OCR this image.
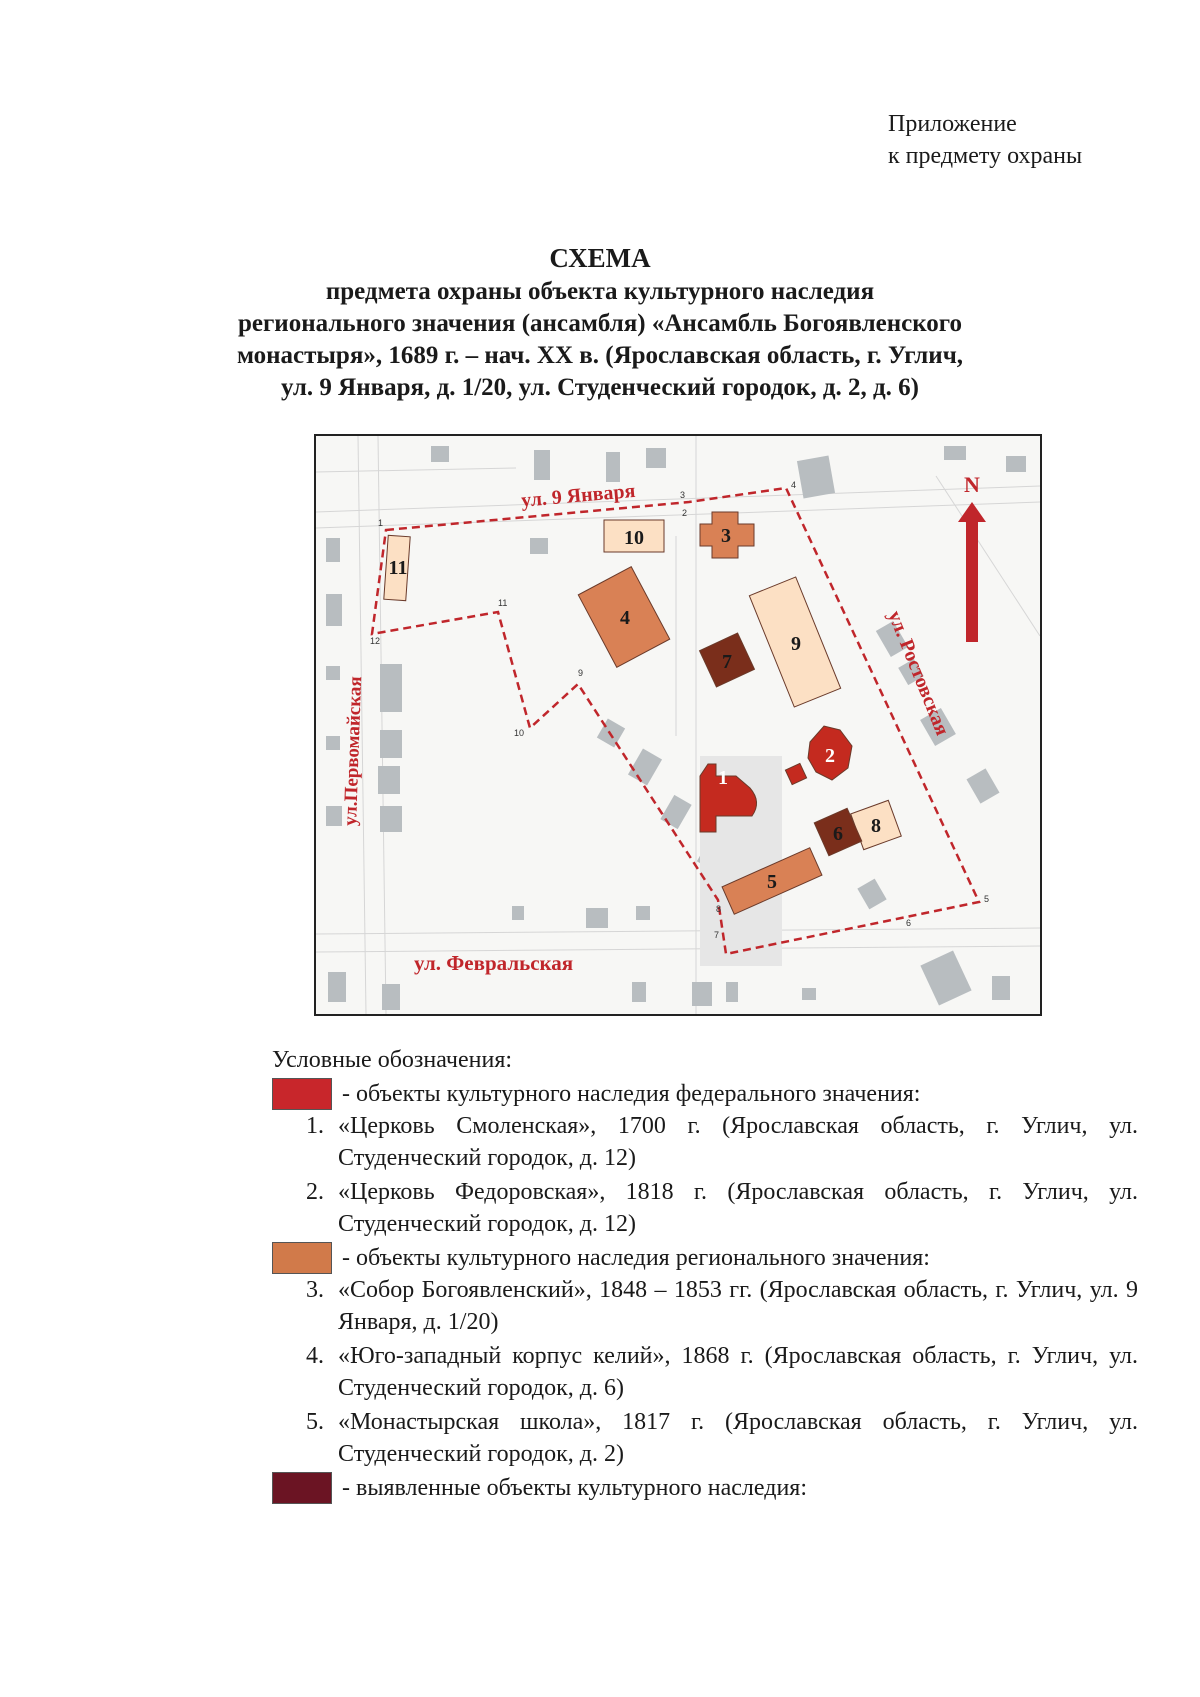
Приложение
к предмету охраны
СХЕМА
предмета охраны объекта культурного наследия
регионального значения (ансамбля) «Ансамбль Богоявленского
монастыря», 1689 г. – нач. XX в. (Ярославская область, г. Углич,
ул. 9 Января, д. 1/20, ул. Студенческий городок, д. 2, д. 6)
1
2
3
4
5
6
7
8
9
10
11
12
1
2
3
4
5
6
7
8
9
10
11
ул. 9 Января
ул. Ростовская
ул.Первомайская
ул. Февральская
N
Условные обозначения:
- объекты культурного наследия федерального значения:
1. «Церковь Смоленская», 1700 г. (Ярославская область, г. Углич, ул. Студенческий городок, д. 12)
2. «Церковь Федоровская», 1818 г. (Ярославская область, г. Углич, ул. Студенческий городок, д. 12)
- объекты культурного наследия регионального значения:
3. «Собор Богоявленский», 1848 – 1853 гг. (Ярославская область, г. Углич, ул. 9 Января, д. 1/20)
4. «Юго-западный корпус келий», 1868 г. (Ярославская область, г. Углич, ул. Студенческий городок, д. 6)
5. «Монастырская школа», 1817 г. (Ярославская область, г. Углич, ул. Студенческий городок, д. 2)
- выявленные объекты культурного наследия:
